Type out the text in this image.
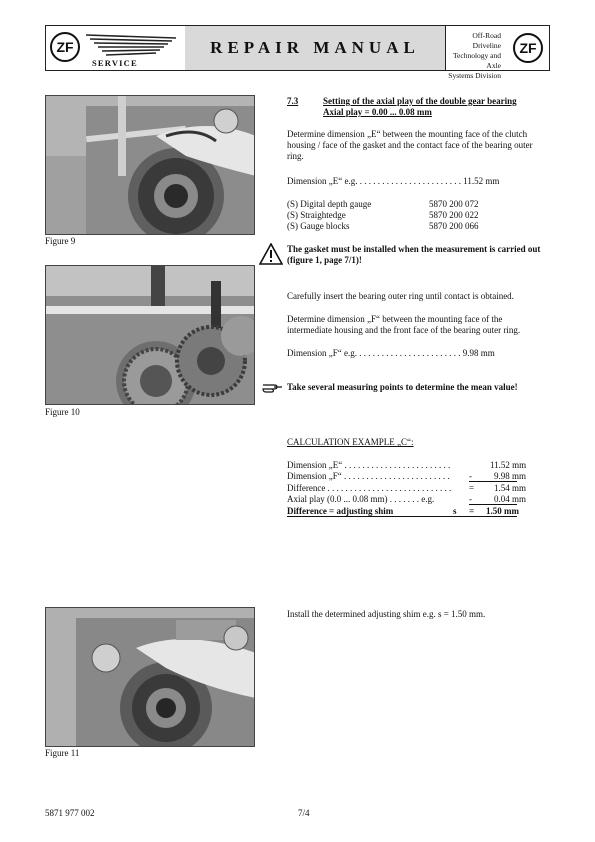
ZF
SERVICE
REPAIR MANUAL
Off-Road Driveline
Technology and Axle
Systems Division
ZF
Figure 9
Figure 10
Figure 11
7.3	Setting of the axial play of the double gear bearing
Axial play = 0.00 ... 0.08 mm
Determine dimension „E“ between the mounting face of the clutch housing / face of the gasket and the contact face of the bearing outer ring.
Dimension „E“ e.g. . . . . . . . . . . . . . . . . . . . . . . . 11.52 mm
(S) Digital depth gauge	5870 200 072
(S) Straightedge	5870 200 022
(S) Gauge blocks	5870 200 066
The gasket must be installed when the measurement is carried out (figure 1, page 7/1)!
Carefully insert the bearing outer ring until contact is obtained.
Determine dimension „F“ between the mounting face of the intermediate housing and the front face of the bearing outer ring.
Dimension „F“ e.g. . . . . . . . . . . . . . . . . . . . . . . . 9.98 mm
Take several measuring points to determine the mean value!
CALCULATION EXAMPLE „C“:
Dimension „E“ . . . . . . . . . . . . . . . . . . . . . . . .	11.52 mm
Dimension „F“ . . . . . . . . . . . . . . . . . . . . . . . . - 9.98 mm
Difference . . . . . . . . . . . . . . . . . . . . . . . . . . . . = 1.54 mm
Axial play (0.0 ... 0.08 mm) . . . . . . . e.g.	- 0.04 mm
Difference = adjusting shim	s = 1.50 mm
Install the determined adjusting shim e.g. s = 1.50 mm.
5871 977 002	7/4
